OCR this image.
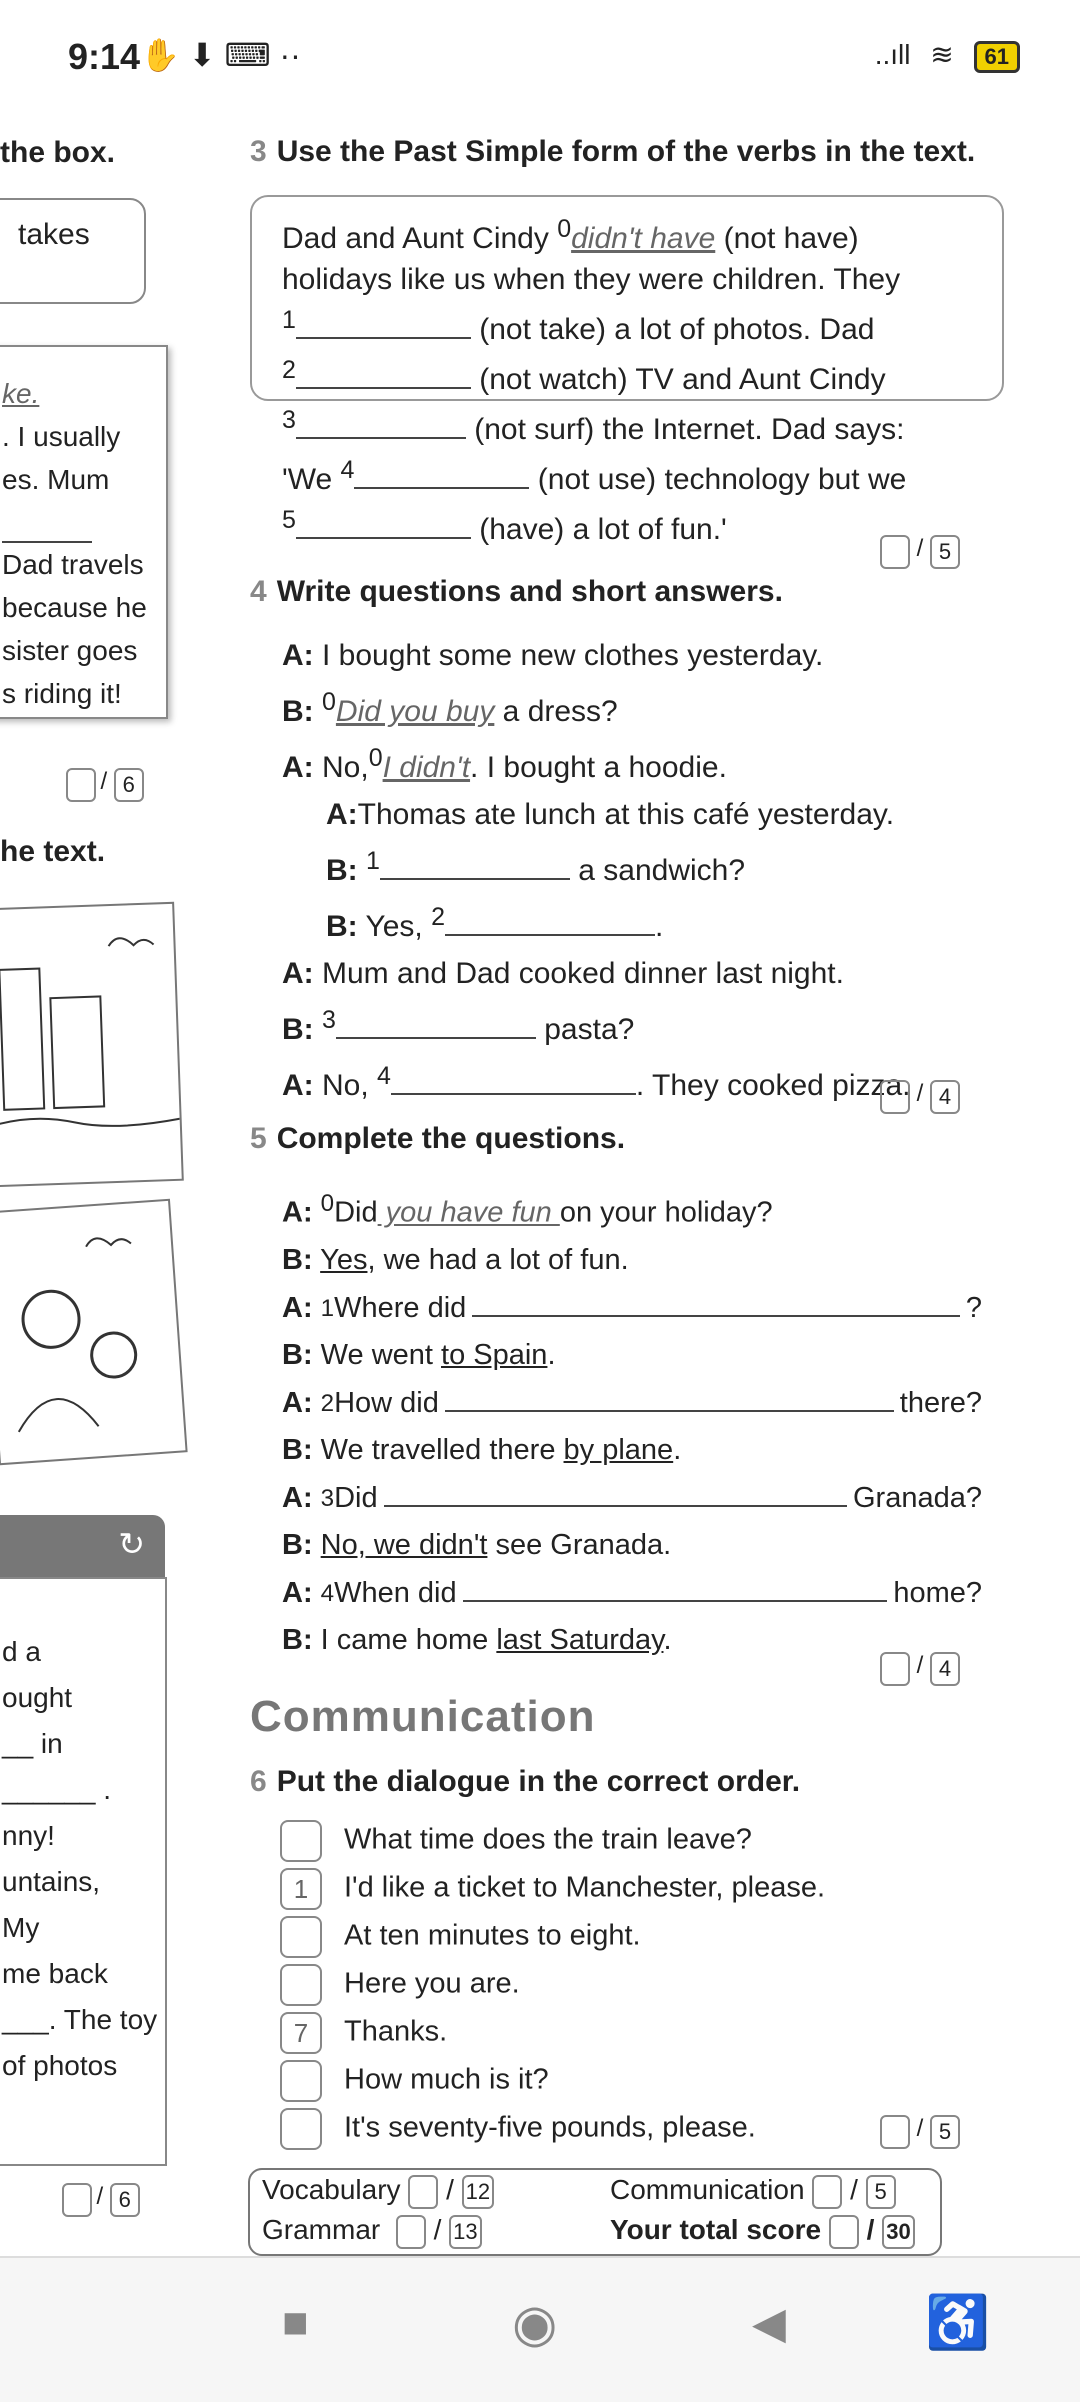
9:14 ✋ ⬇ ⌨ ··	..ıll ≋ 61
the box.
takes
ke.
. I usually
es. Mum
Dad travels
because he
sister goes
s riding it!
/ 6
he text.
↻
d a
ought
__ in
______ .
nny!
untains,
My
me back
___. The toy
of photos
/ 6
3 Use the Past Simple form of the verbs in the text.
Dad and Aunt Cindy $^0$didn't have (not have)
holidays like us when they were children. They
$^1$	(not take) a lot of photos. Dad
$^2$	(not watch) TV and Aunt Cindy
$^3$	(not surf) the Internet. Dad says:
'We $^4$	(not use) technology but we
$^5$	(have) a lot of fun.'
/ 5
4 Write questions and short answers.
A: I bought some new clothes yesterday.
B: $^0$Did you buy a dress?
A: No,$^0$I didn't. I bought a hoodie.
A:Thomas ate lunch at this café yesterday.
B: $^1$	a sandwich?
B: Yes, $^2$	.
A: Mum and Dad cooked dinner last night.
B: $^3$	pasta?
A: No, $^4$	. They cooked pizza. / 4
5 Complete the questions.
A: $^0$Did you have fun on your holiday?
B: Yes, we had a lot of fun.
A:
1 Where did	?
B: We went to Spain.
A:
2 How did	there?
B: We travelled there by plane.
A:
3 Did	Granada?
B: No, we didn't see Granada.
A:
4 When did	home?
B: I came home last Saturday.
/ 4
Communication
6 Put the dialogue in the correct order.
What time does the train leave?
1 I'd like a ticket to Manchester, please.
At ten minutes to eight.
Here you are.
7 Thanks.
How much is it?
It's seventy-five pounds, please.	/ 5
Vocabulary / 12
Grammar / 13
Communication / 5
Your total score / 30
■	◉	◀	♿
